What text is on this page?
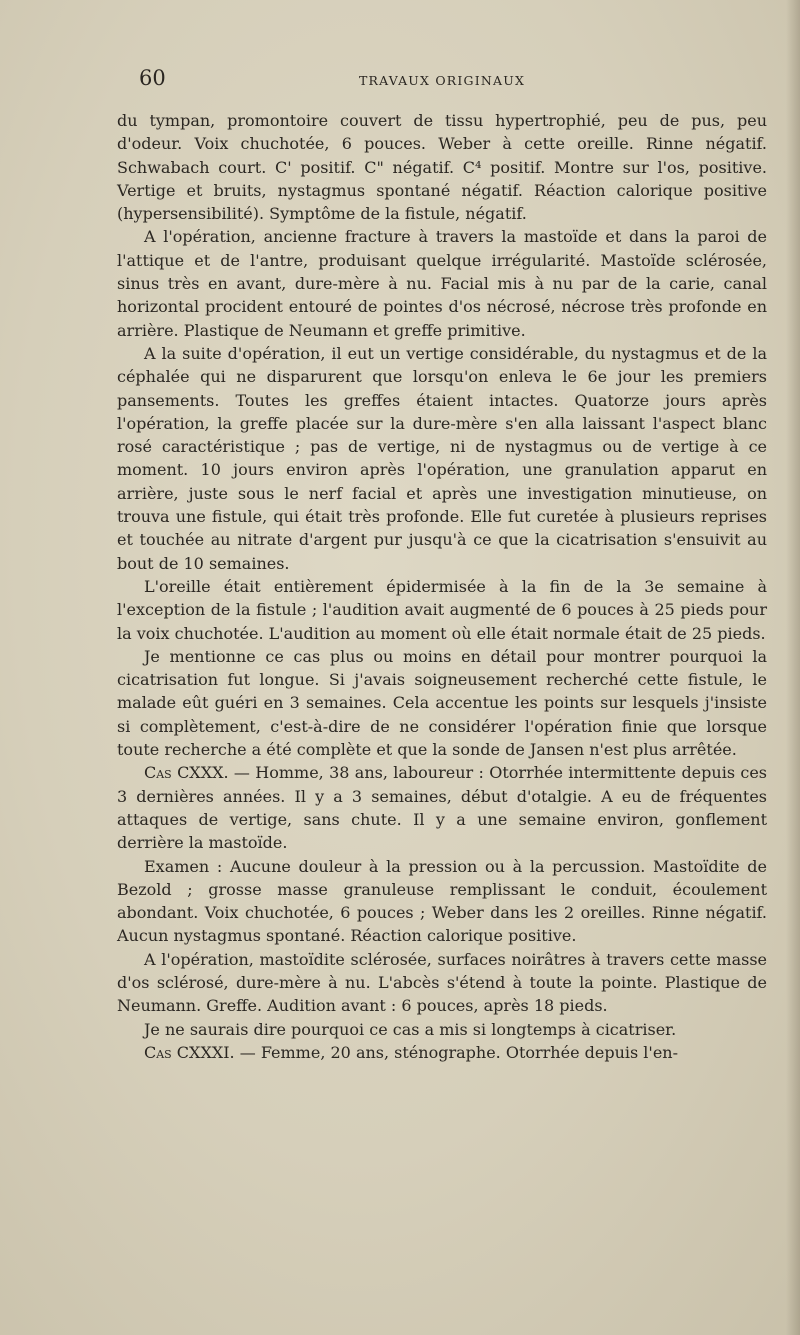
60	TRAVAUX ORIGINAUX

du tympan, promontoire couvert de tissu hypertrophié, peu de pus, peu d'odeur. Voix chuchotée, 6 pouces. Weber à cette oreille. Rinne négatif. Schwabach court. C' positif. C" négatif. C⁴ positif. Montre sur l'os, positive. Vertige et bruits, nystagmus spontané négatif. Réaction calorique positive (hypersensibilité). Symptôme de la fistule, négatif.

A l'opération, ancienne fracture à travers la mastoïde et dans la paroi de l'attique et de l'antre, produisant quelque irrégularité. Mastoïde sclérosée, sinus très en avant, dure-mère à nu. Facial mis à nu par de la carie, canal horizontal procident entouré de pointes d'os nécrosé, nécrose très profonde en arrière. Plastique de Neumann et greffe primitive.

A la suite d'opération, il eut un vertige considérable, du nystagmus et de la céphalée qui ne disparurent que lorsqu'on enleva le 6e jour les premiers pansements. Toutes les greffes étaient intactes. Quatorze jours après l'opération, la greffe placée sur la dure-mère s'en alla laissant l'aspect blanc rosé caractéristique ; pas de vertige, ni de nystagmus ou de vertige à ce moment. 10 jours environ après l'opération, une granulation apparut en arrière, juste sous le nerf facial et après une investigation minutieuse, on trouva une fistule, qui était très profonde. Elle fut curetée à plusieurs reprises et touchée au nitrate d'argent pur jusqu'à ce que la cicatrisation s'ensuivit au bout de 10 semaines.

L'oreille était entièrement épidermisée à la fin de la 3e semaine à l'exception de la fistule ; l'audition avait augmenté de 6 pouces à 25 pieds pour la voix chuchotée. L'audition au moment où elle était normale était de 25 pieds.

Je mentionne ce cas plus ou moins en détail pour montrer pourquoi la cicatrisation fut longue. Si j'avais soigneusement recherché cette fistule, le malade eût guéri en 3 semaines. Cela accentue les points sur lesquels j'insiste si complètement, c'est-à-dire de ne considérer l'opération finie que lorsque toute recherche a été complète et que la sonde de Jansen n'est plus arrêtée.

Cas CXXX. — Homme, 38 ans, laboureur : Otorrhée intermittente depuis ces 3 dernières années. Il y a 3 semaines, début d'otalgie. A eu de fréquentes attaques de vertige, sans chute. Il y a une semaine environ, gonflement derrière la mastoïde.

Examen : Aucune douleur à la pression ou à la percussion. Mastoïdite de Bezold ; grosse masse granuleuse remplissant le conduit, écoulement abondant. Voix chuchotée, 6 pouces ; Weber dans les 2 oreilles. Rinne négatif. Aucun nystagmus spontané. Réaction calorique positive.

A l'opération, mastoïdite sclérosée, surfaces noirâtres à travers cette masse d'os sclérosé, dure-mère à nu. L'abcès s'étend à toute la pointe. Plastique de Neumann. Greffe. Audition avant : 6 pouces, après 18 pieds.

Je ne saurais dire pourquoi ce cas a mis si longtemps à cicatriser.

Cas CXXXI. — Femme, 20 ans, sténographe. Otorrhée depuis l'en-
